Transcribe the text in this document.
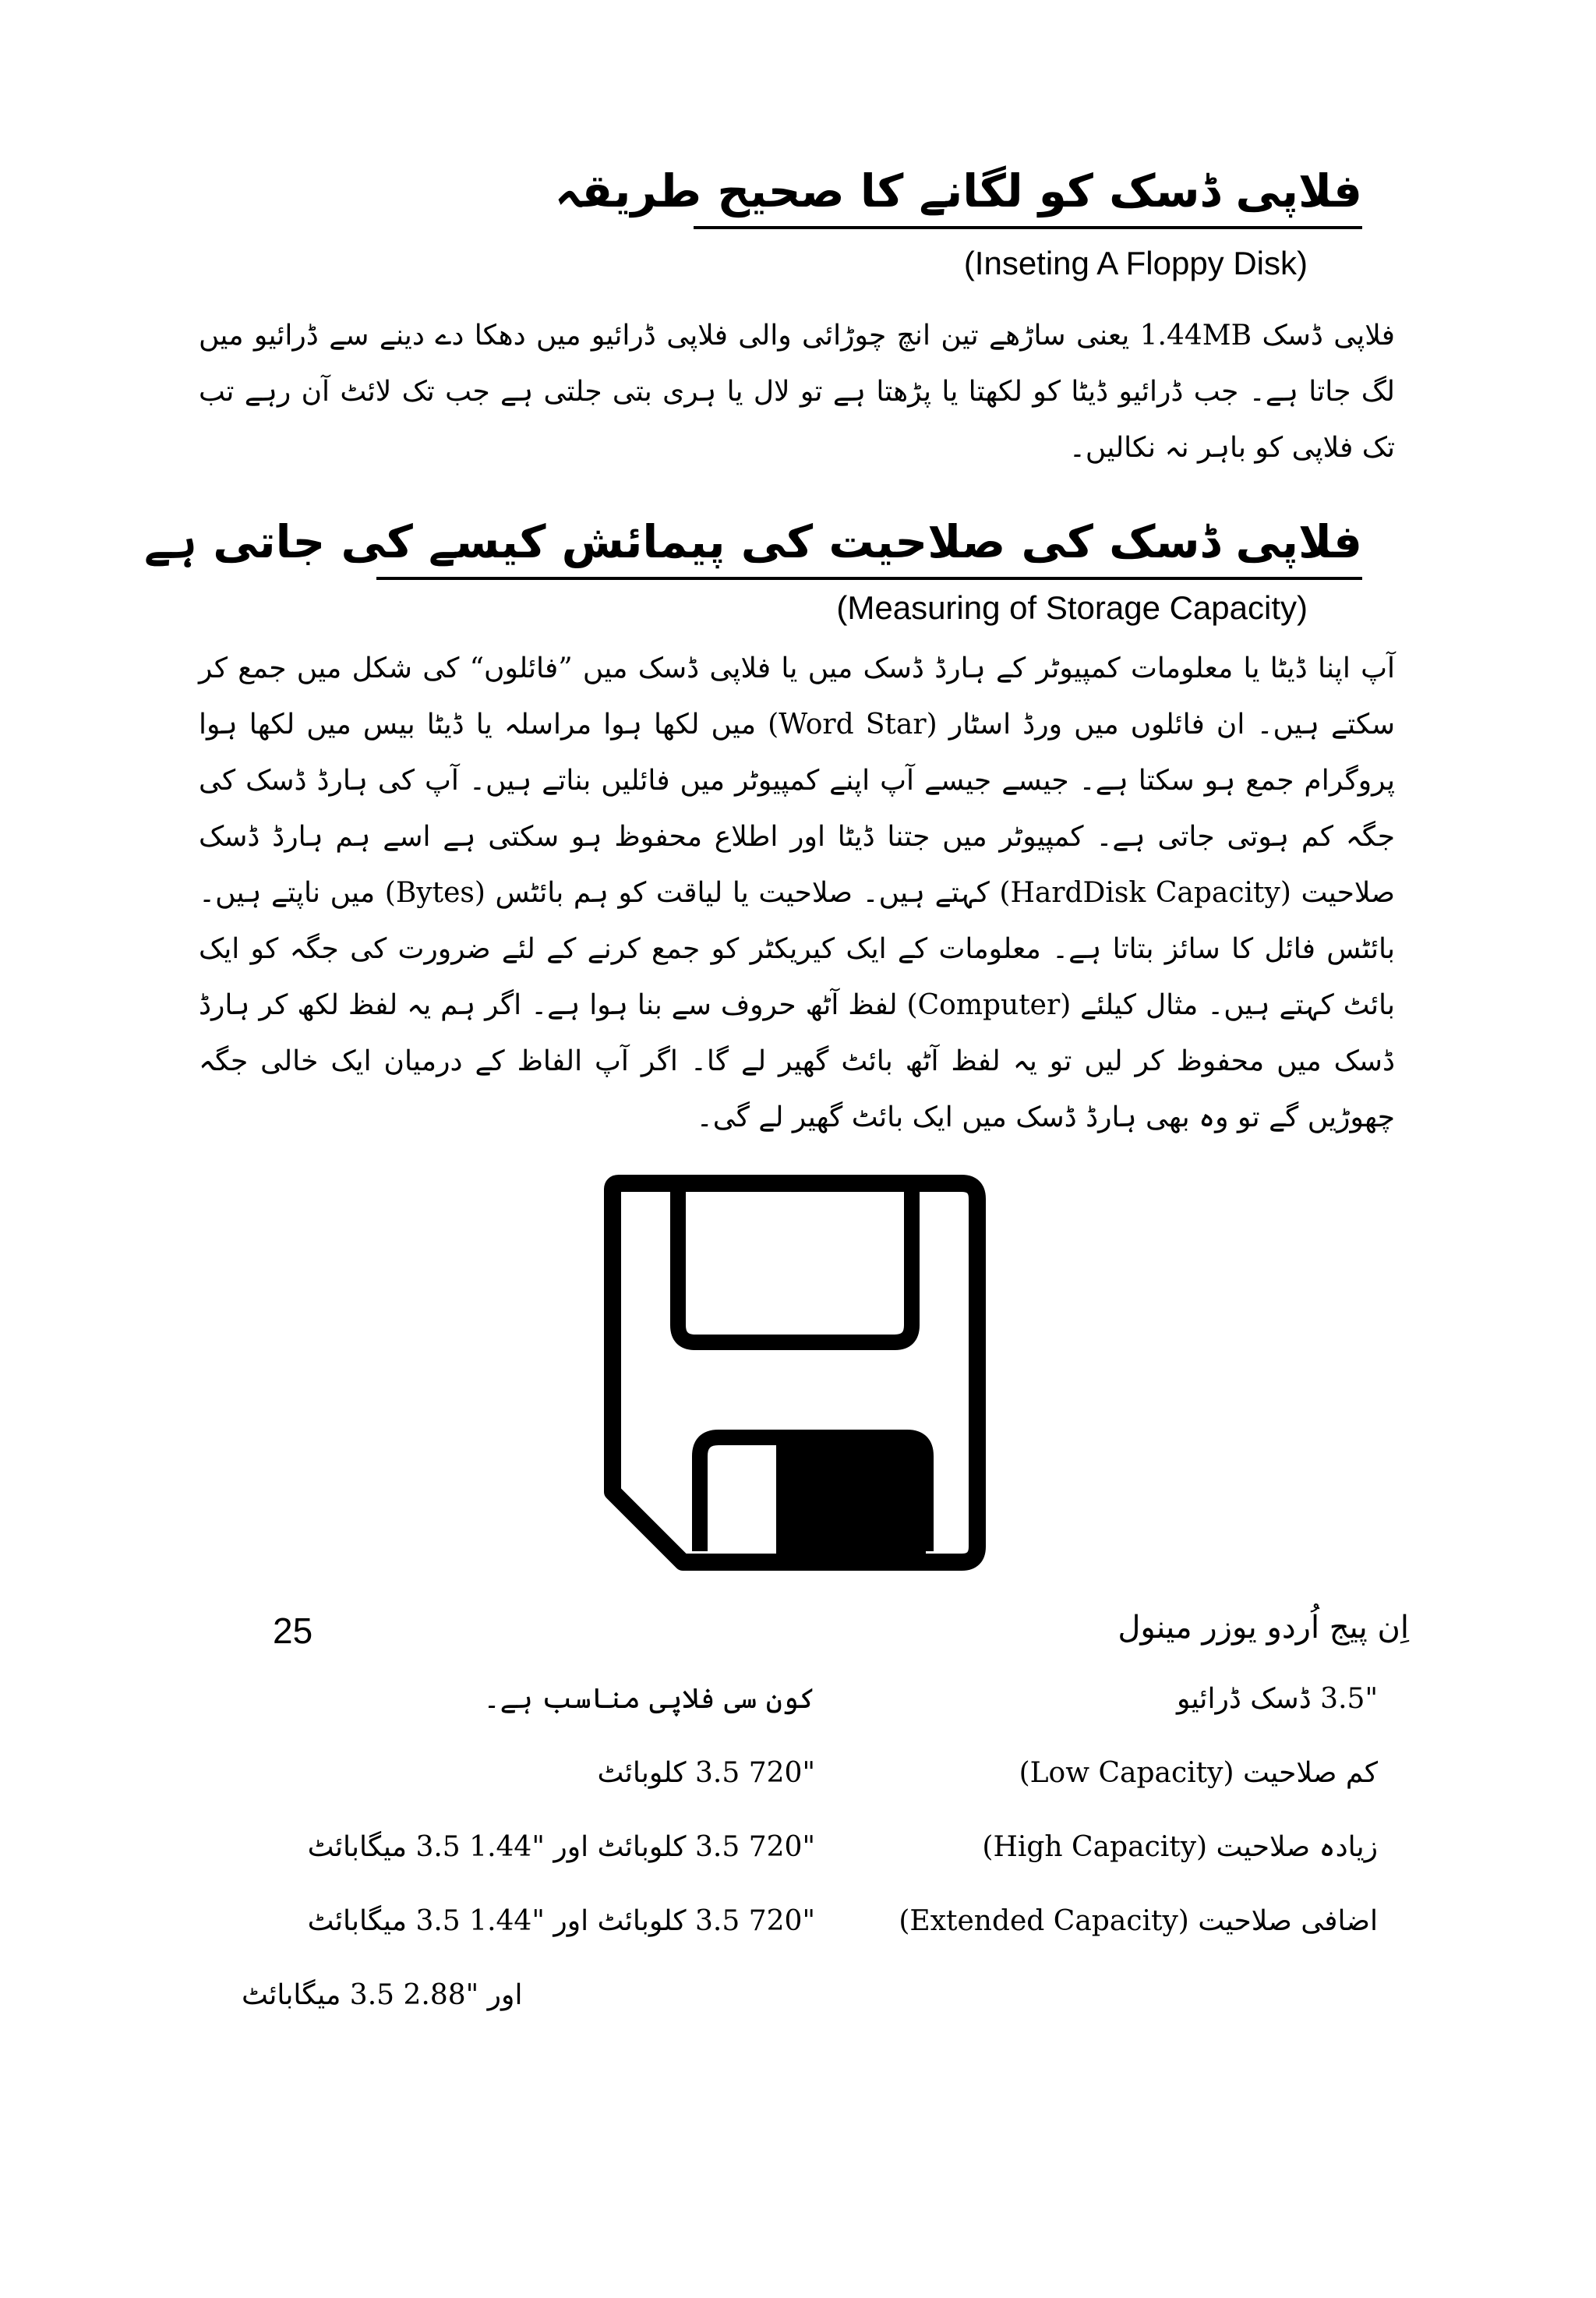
فلاپی ڈسک کو لگانے کا صحیح طریقہ

(Inseting A Floppy Disk)

فلاپی ڈسک 1.44MB یعنی ساڑھے تین انچ چوڑائی والی فلاپی ڈرائیو میں دھکا دے دینے سے ڈرائیو میں لگ جاتا ہے۔ جب ڈرائیو ڈیٹا کو لکھتا یا پڑھتا ہے تو لال یا ہری بتی جلتی ہے جب تک لائٹ آن رہے تب تک فلاپی کو باہر نہ نکالیں۔

فلاپی ڈسک کی صلاحیت کی پیمائش کیسے کی جاتی ہے

(Measuring of Storage Capacity)

آپ اپنا ڈیٹا یا معلومات کمپیوٹر کے ہارڈ ڈسک میں یا فلاپی ڈسک میں ”فائلوں“ کی شکل میں جمع کر سکتے ہیں۔ ان فائلوں میں ورڈ اسٹار (Word Star) میں لکھا ہوا مراسلہ یا ڈیٹا بیس میں لکھا ہوا پروگرام جمع ہو سکتا ہے۔ جیسے جیسے آپ اپنے کمپیوٹر میں فائلیں بناتے ہیں۔ آپ کی ہارڈ ڈسک کی جگہ کم ہوتی جاتی ہے۔ کمپیوٹر میں جتنا ڈیٹا اور اطلاع محفوظ ہو سکتی ہے اسے ہم ہارڈ ڈسک صلاحیت (HardDisk Capacity) کہتے ہیں۔ صلاحیت یا لیاقت کو ہم بائٹس (Bytes) میں ناپتے ہیں۔ بائٹس فائل کا سائز بتاتا ہے۔ معلومات کے ایک کیریکٹر کو جمع کرنے کے لئے ضرورت کی جگہ کو ایک بائٹ کہتے ہیں۔ مثال کیلئے (Computer) لفظ آٹھ حروف سے بنا ہوا ہے۔ اگر ہم یہ لفظ لکھ کر ہارڈ ڈسک میں محفوظ کر لیں تو یہ لفظ آٹھ بائٹ گھیر لے گا۔ اگر آپ الفاظ کے درمیان ایک خالی جگہ چھوڑیں گے تو وہ بھی ہارڈ ڈسک میں ایک بائٹ گھیر لے گی۔

"3.5 ڈسک ڈرائیو

کون سی فلاپی مناسب ہے۔

کم صلاحیت (Low Capacity)

"720 3.5 کلوبائٹ

زیادہ صلاحیت (High Capacity)

"720 3.5 کلوبائٹ اور "1.44 3.5 میگابائٹ

اضافی صلاحیت (Extended Capacity)

"720 3.5 کلوبائٹ اور "1.44 3.5 میگابائٹ

اور "2.88 3.5 میگابائٹ

25	اِن پیج اُردو یوزر مینول
